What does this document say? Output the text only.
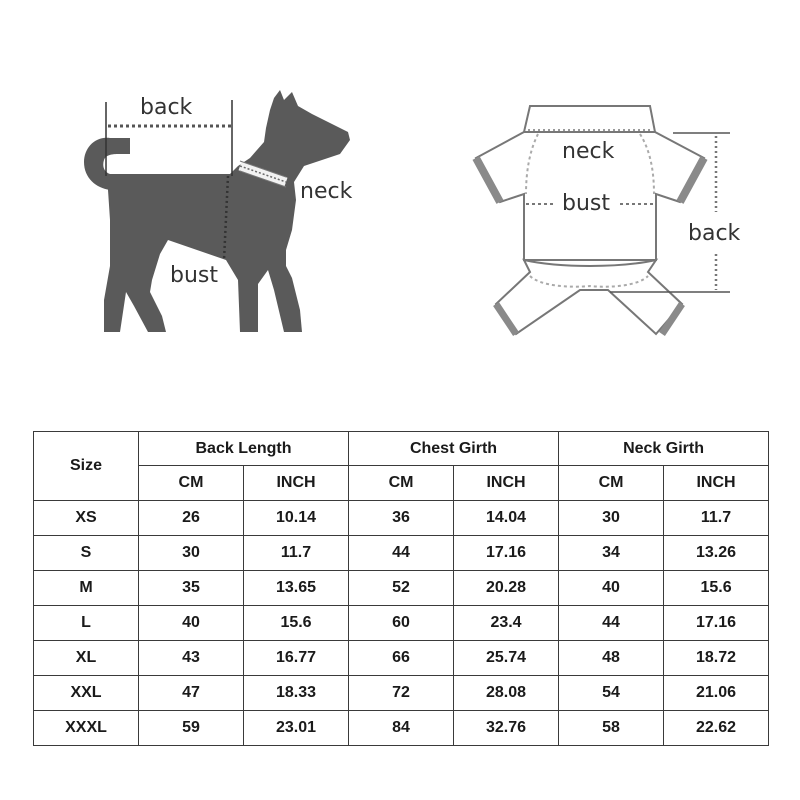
back
neck
bust
neck
bust
back
Size	Back Length		Chest Girth		Neck Girth	
	CM	INCH	CM	INCH	CM	INCH
XS	26	10.14	36	14.04	30	11.7
S	30	11.7	44	17.16	34	13.26
M	35	13.65	52	20.28	40	15.6
L	40	15.6	60	23.4	44	17.16
XL	43	16.77	66	25.74	48	18.72
XXL	47	18.33	72	28.08	54	21.06
XXXL	59	23.01	84	32.76	58	22.62
